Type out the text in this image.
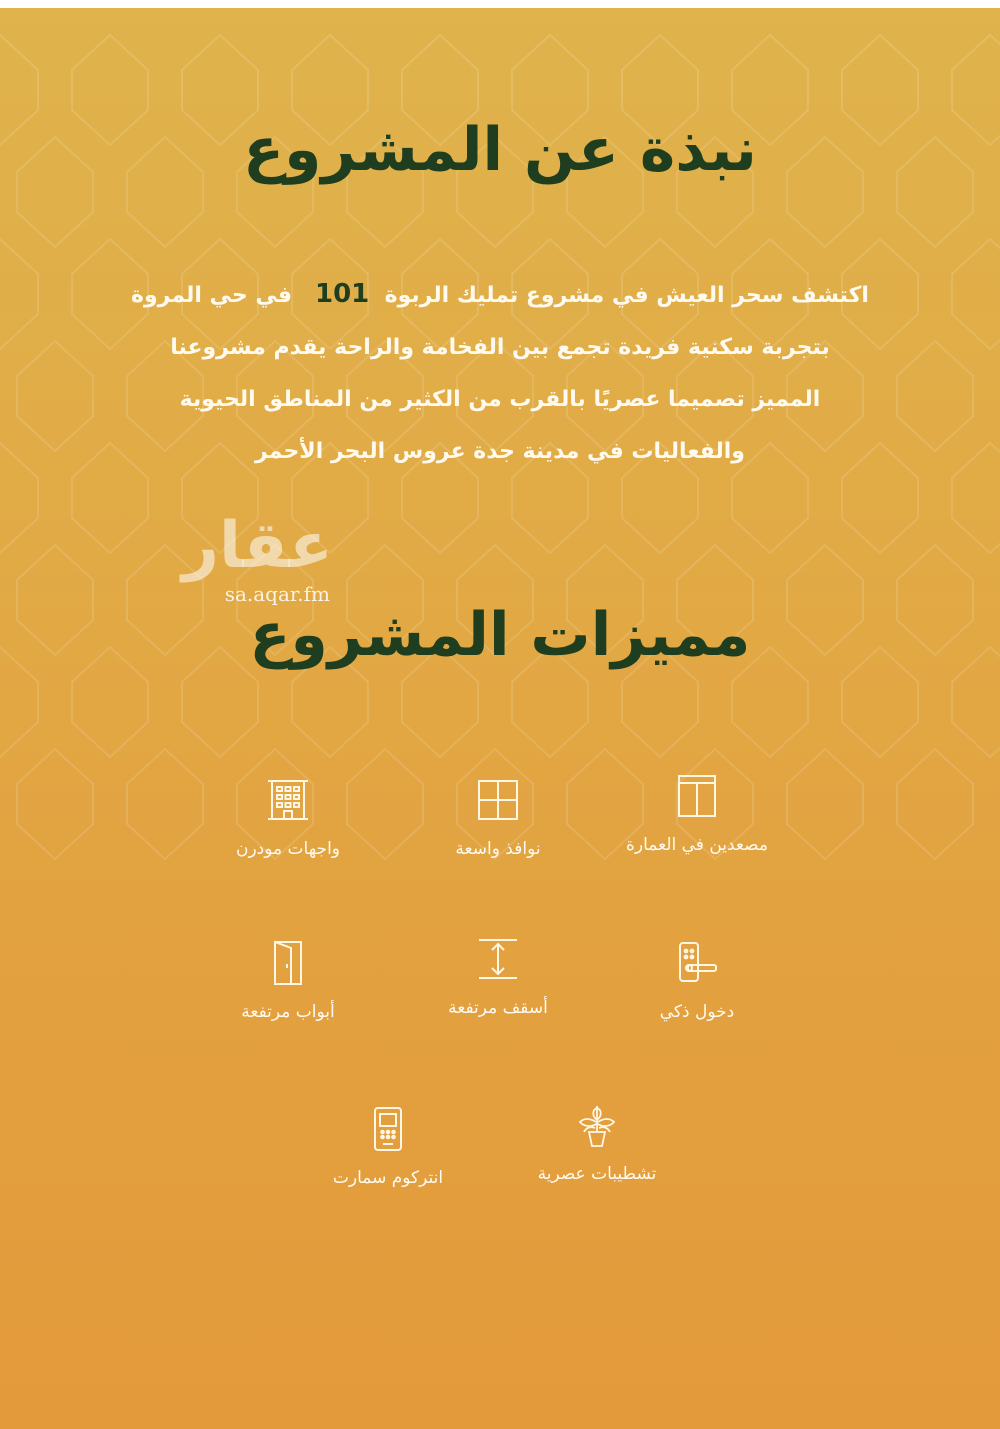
نبذة عن المشروع

اكتشف سحر العيش في مشروع تمليك الربوة  101   في حي المروة
بتجربة سكنية فريدة تجمع بين الفخامة والراحة يقدم مشروعنا
المميز تصميما عصريًا بالقرب من الكثير من المناطق الحيوية
والفعاليات في مدينة جدة عروس البحر الأحمر

عقار
sa.aqar.fm
مميزات المشروع
مصعدين في العمارة
نوافذ واسعة
واجهات مودرن
دخول ذكي
أسقف مرتفعة
أبواب مرتفعة
تشطيبات عصرية
انتركوم سمارت
